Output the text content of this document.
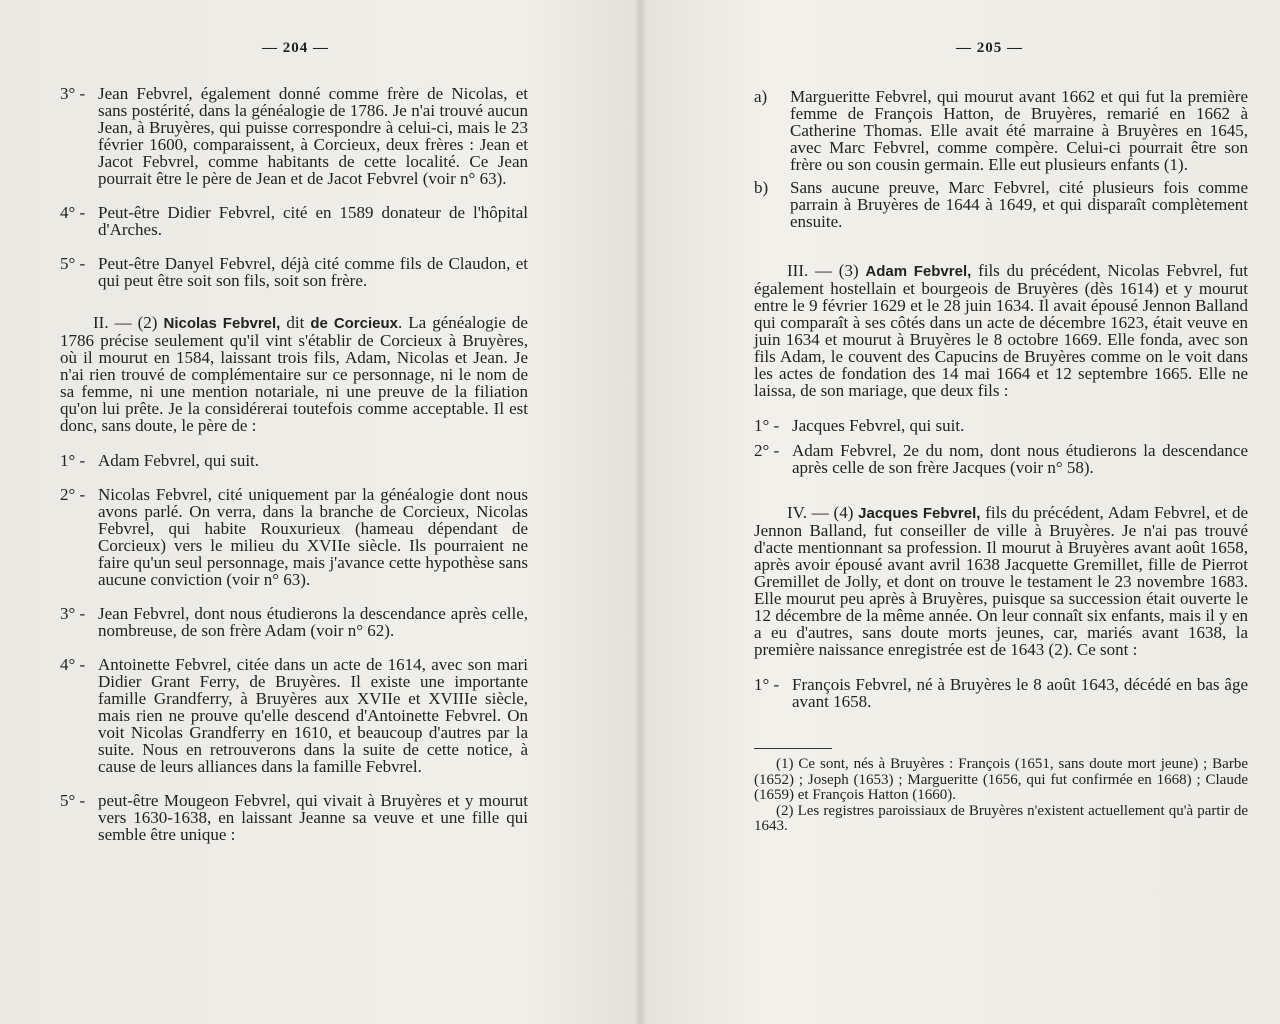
— 204 —
3° - Jean Febvrel, également donné comme frère de Nicolas, et sans postérité, dans la généalogie de 1786. Je n'ai trouvé aucun Jean, à Bruyères, qui puisse correspondre à celui-ci, mais le 23 février 1600, comparaissent, à Corcieux, deux frères : Jean et Jacot Febvrel, comme habitants de cette localité. Ce Jean pourrait être le père de Jean et de Jacot Febvrel (voir n° 63).
4° - Peut-être Didier Febvrel, cité en 1589 donateur de l'hôpital d'Arches.
5° - Peut-être Danyel Febvrel, déjà cité comme fils de Claudon, et qui peut être soit son fils, soit son frère.

II. — (2) Nicolas Febvrel, dit de Corcieux. La généalogie de 1786 précise seulement qu'il vint s'établir de Corcieux à Bruyères, où il mourut en 1584, laissant trois fils, Adam, Nicolas et Jean. Je n'ai rien trouvé de complémentaire sur ce personnage, ni le nom de sa femme, ni une mention notariale, ni une preuve de la filiation qu'on lui prête. Je la considérerai toutefois comme acceptable. Il est donc, sans doute, le père de :

1° - Adam Febvrel, qui suit.
2° - Nicolas Febvrel, cité uniquement par la généalogie dont nous avons parlé. On verra, dans la branche de Corcieux, Nicolas Febvrel, qui habite Rouxurieux (hameau dépendant de Corcieux) vers le milieu du XVIIe siècle. Ils pourraient ne faire qu'un seul personnage, mais j'avance cette hypothèse sans aucune conviction (voir n° 63).
3° - Jean Febvrel, dont nous étudierons la descendance après celle, nombreuse, de son frère Adam (voir n° 62).
4° - Antoinette Febvrel, citée dans un acte de 1614, avec son mari Didier Grant Ferry, de Bruyères. Il existe une importante famille Grandferry, à Bruyères aux XVIIe et XVIIIe siècle, mais rien ne prouve qu'elle descend d'Antoinette Febvrel. On voit Nicolas Grandferry en 1610, et beaucoup d'autres par la suite. Nous en retrouverons dans la suite de cette notice, à cause de leurs alliances dans la famille Febvrel.
5° - peut-être Mougeon Febvrel, qui vivait à Bruyères et y mourut vers 1630-1638, en laissant Jeanne sa veuve et une fille qui semble être unique :
— 205 —
a) Margueritte Febvrel, qui mourut avant 1662 et qui fut la première femme de François Hatton, de Bruyères, remarié en 1662 à Catherine Thomas. Elle avait été marraine à Bruyères en 1645, avec Marc Febvrel, comme compère. Celui-ci pourrait être son frère ou son cousin germain. Elle eut plusieurs enfants (1).
b) Sans aucune preuve, Marc Febvrel, cité plusieurs fois comme parrain à Bruyères de 1644 à 1649, et qui disparaît complètement ensuite.

III. — (3) Adam Febvrel, fils du précédent, Nicolas Febvrel, fut également hostellain et bourgeois de Bruyères (dès 1614) et y mourut entre le 9 février 1629 et le 28 juin 1634. Il avait épousé Jennon Balland qui comparaît à ses côtés dans un acte de décembre 1623, était veuve en juin 1634 et mourut à Bruyères le 8 octobre 1669. Elle fonda, avec son fils Adam, le couvent des Capucins de Bruyères comme on le voit dans les actes de fondation des 14 mai 1664 et 12 septembre 1665. Elle ne laissa, de son mariage, que deux fils :

1° - Jacques Febvrel, qui suit.
2° - Adam Febvrel, 2e du nom, dont nous étudierons la descendance après celle de son frère Jacques (voir n° 58).

IV. — (4) Jacques Febvrel, fils du précédent, Adam Febvrel, et de Jennon Balland, fut conseiller de ville à Bruyères. Je n'ai pas trouvé d'acte mentionnant sa profession. Il mourut à Bruyères avant août 1658, après avoir épousé avant avril 1638 Jacquette Gremillet, fille de Pierrot Gremillet de Jolly, et dont on trouve le testament le 23 novembre 1683. Elle mourut peu après à Bruyères, puisque sa succession était ouverte le 12 décembre de la même année. On leur connaît six enfants, mais il y en a eu d'autres, sans doute morts jeunes, car, mariés avant 1638, la première naissance enregistrée est de 1643 (2). Ce sont :

1° - François Febvrel, né à Bruyères le 8 août 1643, décédé en bas âge avant 1658.

(1) Ce sont, nés à Bruyères : François (1651, sans doute mort jeune) ; Barbe (1652) ; Joseph (1653) ; Margueritte (1656, qui fut confirmée en 1668) ; Claude (1659) et François Hatton (1660).

(2) Les registres paroissiaux de Bruyères n'existent actuellement qu'à partir de 1643.
